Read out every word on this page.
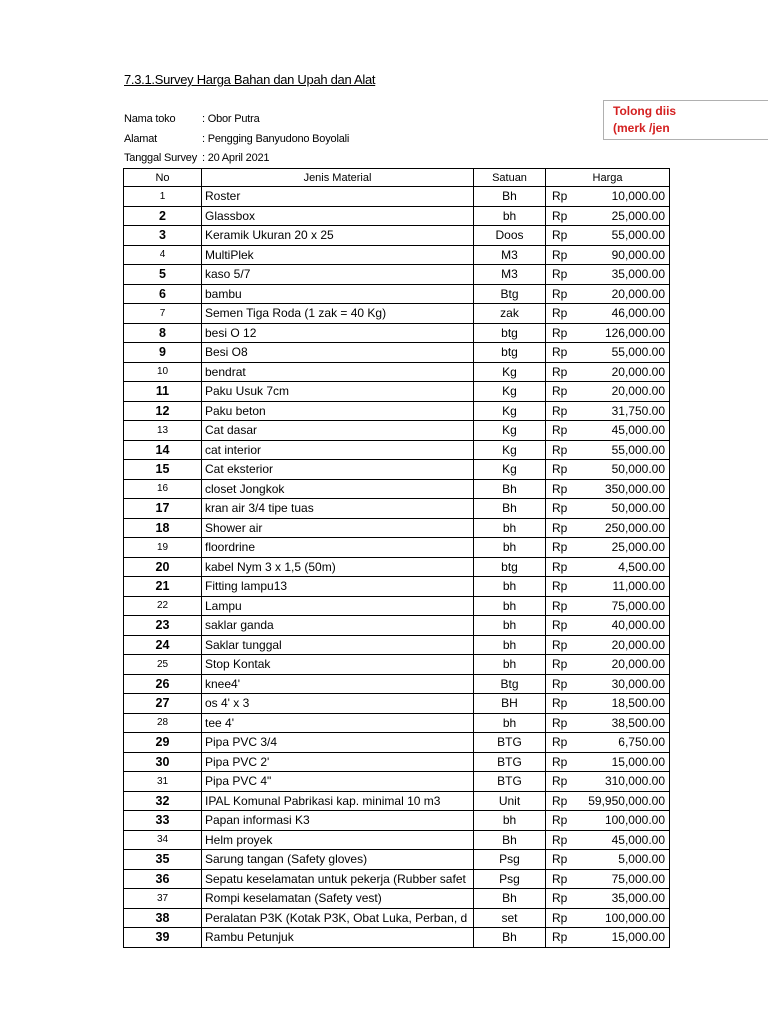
7.3.1.Survey Harga Bahan dan Upah dan Alat
Nama toko : Obor Putra
Alamat	: Pengging Banyudono Boyolali
Tanggal Survey : 20 April 2021
Tolong diis
(merk /jen
No	Jenis Material	Satuan	Harga	
1	Roster	Bh	Rp	10,000.00
2	Glassbox	bh	Rp	25,000.00
3	Keramik Ukuran 20 x 25	Doos	Rp	55,000.00
4	MultiPlek	M3	Rp	90,000.00
5	kaso 5/7	M3	Rp	35,000.00
6	bambu	Btg	Rp	20,000.00
7	Semen Tiga Roda (1 zak = 40 Kg)	zak	Rp	46,000.00
8	besi O 12	btg	Rp	126,000.00
9	Besi O8	btg	Rp	55,000.00
10	bendrat	Kg	Rp	20,000.00
11	Paku Usuk 7cm	Kg	Rp	20,000.00
12	Paku beton	Kg	Rp	31,750.00
13	Cat dasar	Kg	Rp	45,000.00
14	cat interior	Kg	Rp	55,000.00
15	Cat eksterior	Kg	Rp	50,000.00
16	closet Jongkok	Bh	Rp	350,000.00
17	kran air 3/4 tipe tuas	Bh	Rp	50,000.00
18	Shower air	bh	Rp	250,000.00
19	floordrine	bh	Rp	25,000.00
20	kabel Nym 3 x 1,5 (50m)	btg	Rp	4,500.00
21	Fitting lampu13	bh	Rp	11,000.00
22	Lampu	bh	Rp	75,000.00
23	saklar ganda	bh	Rp	40,000.00
24	Saklar tunggal	bh	Rp	20,000.00
25	Stop Kontak	bh	Rp	20,000.00
26	knee4'	Btg	Rp	30,000.00
27	os 4' x 3	BH	Rp	18,500.00
28	tee 4'	bh	Rp	38,500.00
29	Pipa PVC 3/4	BTG	Rp	6,750.00
30	Pipa PVC 2'	BTG	Rp	15,000.00
31	Pipa PVC 4"	BTG	Rp	310,000.00
32	IPAL Komunal Pabrikasi kap. minimal 10 m3	Unit	Rp	59,950,000.00
33	Papan informasi K3	bh	Rp	100,000.00
34	Helm proyek	Bh	Rp	45,000.00
35	Sarung tangan (Safety gloves)	Psg	Rp	5,000.00
36	Sepatu keselamatan untuk pekerja (Rubber safet	Psg	Rp	75,000.00
37	Rompi keselamatan (Safety vest)	Bh	Rp	35,000.00
38	Peralatan P3K (Kotak P3K, Obat Luka, Perban, d	set	Rp	100,000.00
39	Rambu Petunjuk	Bh	Rp	15,000.00
